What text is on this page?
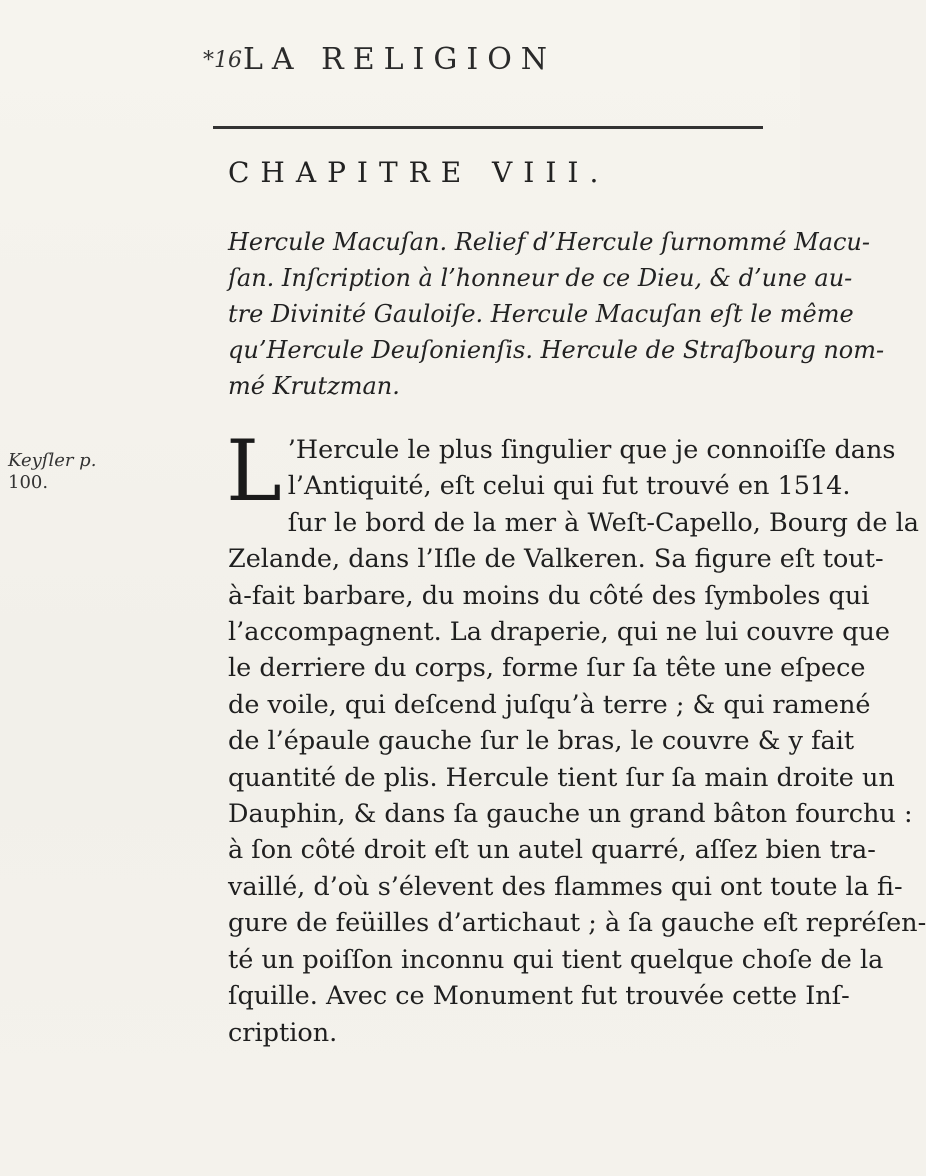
*16 LA RELIGION
CHAPITRE VIII.
Hercule Macuſan. Relief d’Hercule ſurnommé Macu-
ſan. Inſcription à l’honneur de ce Dieu, & d’une au-
tre Divinité Gauloiſe. Hercule Macuſan eſt le même
qu’Hercule Deuſonienſis. Hercule de Straſbourg nom-
mé Krutzman.
Keyſler p.
100.	L ’Hercule le plus ſingulier que je connoiſſe dans
l’Antiquité, eſt celui qui fut trouvé en 1514.
ſur le bord de la mer à Weſt-Capello, Bourg de la
Zelande, dans l’Iſle de Valkeren. Sa figure eſt tout-
à-fait barbare, du moins du côté des ſymboles qui
l’accompagnent. La draperie, qui ne lui couvre que
le derriere du corps, forme ſur ſa tête une eſpece
de voile, qui deſcend juſqu’à terre ; & qui ramené
de l’épaule gauche ſur le bras, le couvre & y fait
quantité de plis. Hercule tient ſur ſa main droite un
Dauphin, & dans ſa gauche un grand bâton fourchu :
à ſon côté droit eſt un autel quarré, aſſez bien tra-
vaillé, d’où s’élevent des flammes qui ont toute la fi-
gure de feüilles d’artichaut ; à ſa gauche eſt repréſen-
té un poiſſon inconnu qui tient quelque choſe de la
ſquille. Avec ce Monument fut trouvée cette Inſ-
cription.
